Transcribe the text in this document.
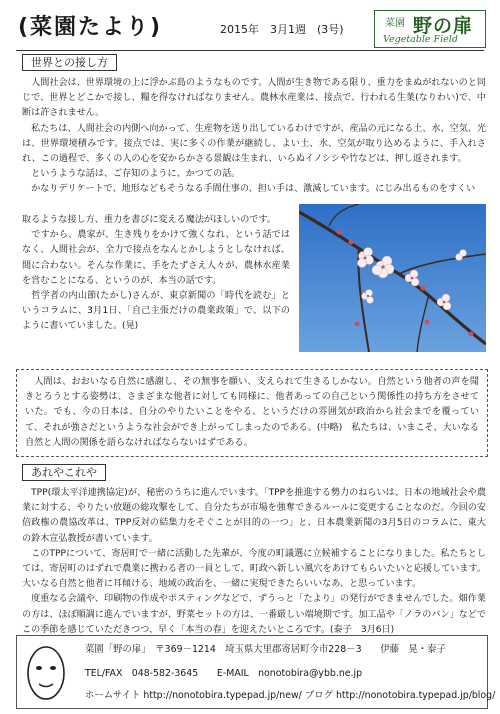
(菜園たより)	2015年　3月1週　(3号)	菜園 野の扉
Vegetable Field
世界との接し方

　人間社会は、世界環境の上に浮かぶ島のようなものです。人間が生き物である限り、重力をまぬがれないのと同じで、世界とどこかで接し、糧を得なければなりません。農林水産業は、接点で、行われる生業(なりわい)で、中断は許されません。

　私たちは、人間社会の内側へ向かって、生産物を送り出しているわけですが、産品の元になる土、水、空気、光は、世界環境積みです。接点では、実に多くの作業が継続し、よい土、水、空気が取り込めるように、手入れされ、この過程で、多くの人の心を安からかさる景観は生まれ、いらぬイノシシや竹などは、押し返されます。

　というような話は、ご存知のように、かつての話。

　かなりデリケートで、地形などもそうなる手間仕事の、担い手は、激減しています。にじみ出るものをすくい

取るような接し方、重力を書びに変える魔法がほしいのです。

　ですから、農家が、生き残りをかけて強くなれ、という話ではなく、人間社会が、全力で接点をなんとかしようとしなければ、間に合わない。そんな作業に、手をたずさえ人々が、農林水産業を営むことになる、というのが、本当の話です。

　哲学者の内山節(たかし)さんが、東京新聞の「時代を読む」というコラムに、3月1日、「自己主張だけの農業政策」で、以下のように書いていました。(晃)

　人間は、おおいなる自然に感謝し、その無事を願い、支えられて生きるしかない。自然という他者の声を聞きとろうとする姿勢は、さまざまな他者に対しても同様に、他者あっての自己という関係性の持ち方をさせていた。でも、今の日本は、自分のやりたいことをやる、というだけの雰囲気が政治から社会までを覆っていて、それが強さだというような社会ができ上がってしまったのである。(中略)　私たちは、いまこそ、大いなる自然と人間の関係を語らなければならないはずである。

あれやこれや

　TPP(環太平洋連携協定)が、秘密のうちに進んでいます。「TPPを推進する勢力のねらいは、日本の地域社会や農業に対する、やりたい放題の総攻撃をして、自分たちが市場を強奪できるルールに変更することなのだ。今回の安倍政権の農協改革は、TPP反対の結集力をそぐことが目的の一つ」と、日本農業新聞の3月5日のコラムに、東大の鈴木宣弘教授が書いています。

　このTPPについて、寄居町で一緒に活動した先輩が、今度の町議選に立候補することになりました。私たちとしては、寄居町のはずれで農業に携わる者の一員として、町政へ新しい風穴をあけてもらいたいと応援しています。大いなる自然と他者に耳傾ける、地域の政治を、一緒に実現できたらいいなあ、と思っています。

　度重なる会議や、印刷物の作成やポスティングなどで、ずうっと「たより」の発行ができませんでした。畑作業の方は、ほぼ順調に進んでいますが、野菜セットの方は、一番厳しい端境期です。加工品や「ノラのパン」などでこの季節を感じていただきつつ、早く「本当の春」を迎えたいところです。(泰子　3月6日)

菜園「野の扉」　〒369－1214　埼玉県大里郡寄居町今市228－3　　伊藤　晃・泰子
TEL/FAX　048-582-3645　　E-MAIL　nonotobira@ybb.ne.jp
ホームサイト http://nonotobira.typepad.jp/new/ ブログ http://nonotobira.typepad.jp/blog/
